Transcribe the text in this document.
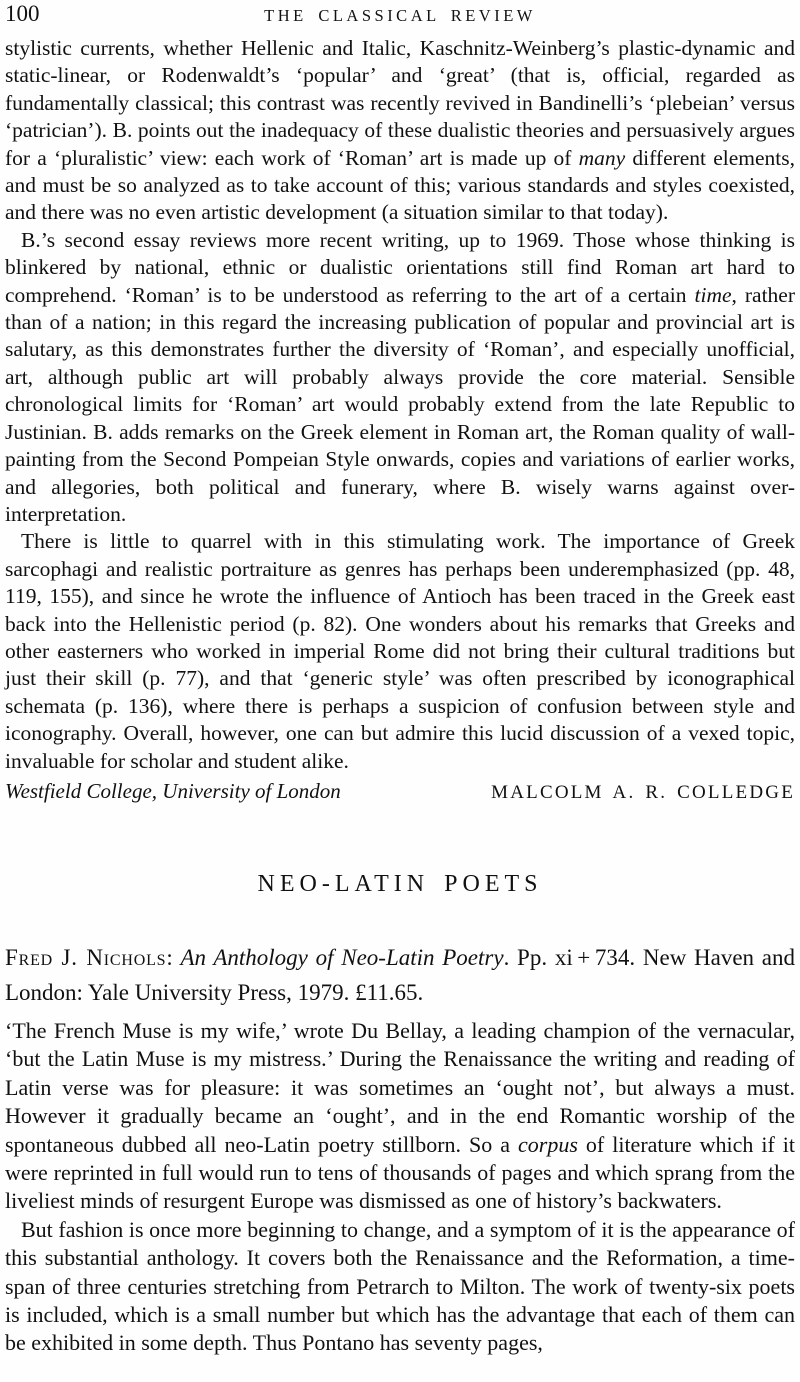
100	THE CLASSICAL REVIEW

stylistic currents, whether Hellenic and Italic, Kaschnitz-Weinberg’s plastic-dynamic and static-linear, or Rodenwaldt’s ‘popular’ and ‘great’ (that is, official, regarded as fundamentally classical; this contrast was recently revived in Bandinelli’s ‘plebeian’ versus ‘patrician’). B. points out the inadequacy of these dualistic theories and persuasively argues for a ‘pluralistic’ view: each work of ‘Roman’ art is made up of many different elements, and must be so analyzed as to take account of this; various standards and styles coexisted, and there was no even artistic development (a situation similar to that today).

B.’s second essay reviews more recent writing, up to 1969. Those whose thinking is blinkered by national, ethnic or dualistic orientations still find Roman art hard to comprehend. ‘Roman’ is to be understood as referring to the art of a certain time, rather than of a nation; in this regard the increasing publication of popular and provincial art is salutary, as this demonstrates further the diversity of ‘Roman’, and especially unofficial, art, although public art will probably always provide the core material. Sensible chronological limits for ‘Roman’ art would probably extend from the late Republic to Justinian. B. adds remarks on the Greek element in Roman art, the Roman quality of wall-painting from the Second Pompeian Style onwards, copies and variations of earlier works, and allegories, both political and funerary, where B. wisely warns against over-interpretation.

There is little to quarrel with in this stimulating work. The importance of Greek sarcophagi and realistic portraiture as genres has perhaps been underemphasized (pp. 48, 119, 155), and since he wrote the influence of Antioch has been traced in the Greek east back into the Hellenistic period (p. 82). One wonders about his remarks that Greeks and other easterners who worked in imperial Rome did not bring their cultural traditions but just their skill (p. 77), and that ‘generic style’ was often prescribed by iconographical schemata (p. 136), where there is perhaps a suspicion of confusion between style and iconography. Overall, however, one can but admire this lucid discussion of a vexed topic, invaluable for scholar and student alike.

Westfield College, University of London	MALCOLM A. R. COLLEDGE
NEO-LATIN POETS

Fred J. Nichols: An Anthology of Neo-Latin Poetry. Pp. xi + 734. New Haven and London: Yale University Press, 1979. £11.65.

‘The French Muse is my wife,’ wrote Du Bellay, a leading champion of the vernacular, ‘but the Latin Muse is my mistress.’ During the Renaissance the writing and reading of Latin verse was for pleasure: it was sometimes an ‘ought not’, but always a must. However it gradually became an ‘ought’, and in the end Romantic worship of the spontaneous dubbed all neo-Latin poetry stillborn. So a corpus of literature which if it were reprinted in full would run to tens of thousands of pages and which sprang from the liveliest minds of resurgent Europe was dismissed as one of history’s backwaters.

But fashion is once more beginning to change, and a symptom of it is the appearance of this substantial anthology. It covers both the Renaissance and the Reformation, a time-span of three centuries stretching from Petrarch to Milton. The work of twenty-six poets is included, which is a small number but which has the advantage that each of them can be exhibited in some depth. Thus Pontano has seventy pages,
